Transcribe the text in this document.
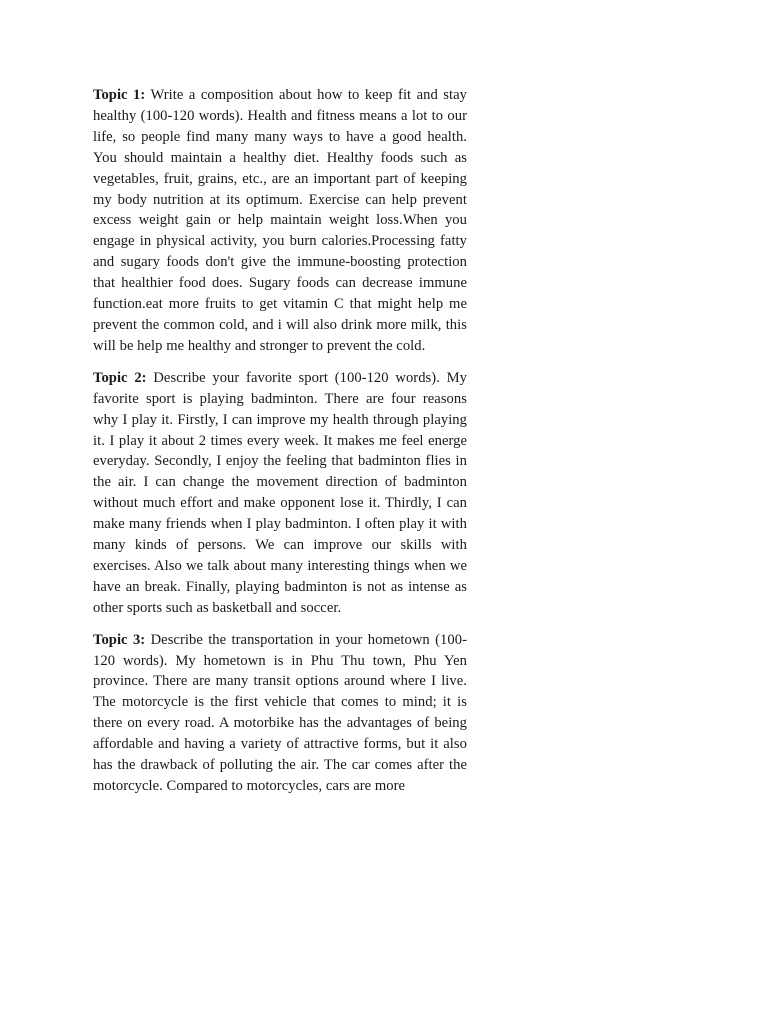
Topic 1: Write a composition about how to keep fit and stay healthy (100-120 words). Health and fitness means a lot to our life, so people find many many ways to have a good health. You should maintain a healthy diet. Healthy foods such as vegetables, fruit, grains, etc., are an important part of keeping my body nutrition at its optimum. Exercise can help prevent excess weight gain or help maintain weight loss.When you engage in physical activity, you burn calories.Processing fatty and sugary foods don't give the immune-boosting protection that healthier food does. Sugary foods can decrease immune function.eat more fruits to get vitamin C that might help me prevent the common cold, and i will also drink more milk, this will be help me healthy and stronger to prevent the cold.

Topic 2: Describe your favorite sport (100-120 words). My favorite sport is playing badminton. There are four reasons why I play it. Firstly, I can improve my health through playing it. I play it about 2 times every week. It makes me feel energe everyday. Secondly, I enjoy the feeling that badminton flies in the air. I can change the movement direction of badminton without much effort and make opponent lose it. Thirdly, I can make many friends when I play badminton. I often play it with many kinds of persons. We can improve our skills with exercises. Also we talk about many interesting things when we have an break. Finally, playing badminton is not as intense as other sports such as basketball and soccer.

Topic 3: Describe the transportation in your hometown (100-120 words). My hometown is in Phu Thu town, Phu Yen province. There are many transit options around where I live. The motorcycle is the first vehicle that comes to mind; it is there on every road. A motorbike has the advantages of being affordable and having a variety of attractive forms, but it also has the drawback of polluting the air. The car comes after the motorcycle. Compared to motorcycles, cars are more
